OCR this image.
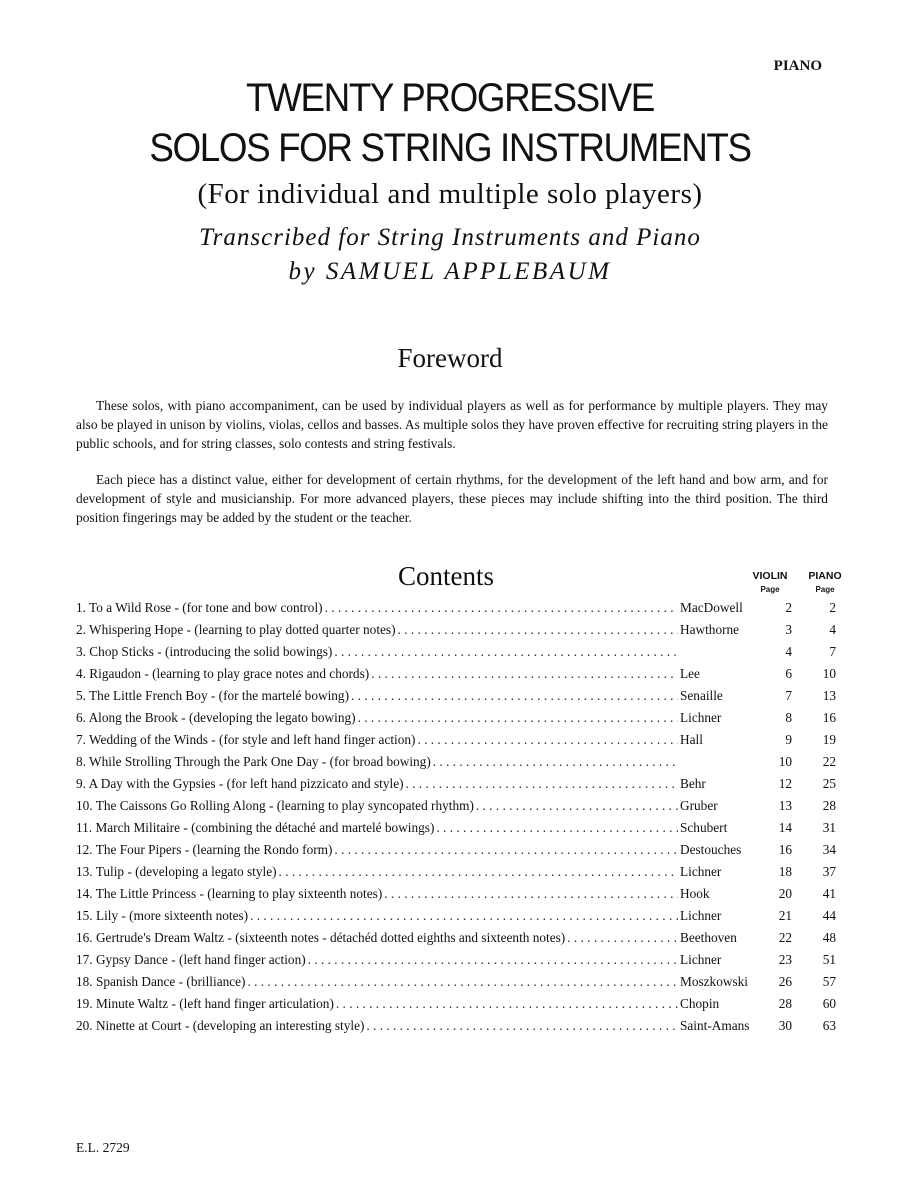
PIANO
TWENTY PROGRESSIVE
SOLOS FOR STRING INSTRUMENTS
(For individual and multiple solo players)
Transcribed for String Instruments and Piano
by SAMUEL APPLEBAUM
Foreword
These solos, with piano accompaniment, can be used by individual players as well as for performance by multiple players. They may also be played in unison by violins, violas, cellos and basses. As multiple solos they have proven effective for recruiting string players in the public schools, and for string classes, solo contests and string festivals.
Each piece has a distinct value, either for development of certain rhythms, for the development of the left hand and bow arm, and for development of style and musicianship. For more advanced players, these pieces may include shifting into the third position. The third position fingerings may be added by the student or the teacher.
Contents	VIOLIN
Page
PIANO
Page
1. To a Wild Rose - (for tone and bow control) . . .	MacDowell	2	2
2. Whispering Hope - (learning to play dotted quarter notes) . . .	Hawthorne	3	4
3. Chop Sticks - (introducing the solid bowings) . . .	4	7
4. Rigaudon - (learning to play grace notes and chords) . . .	Lee	6	10
5. The Little French Boy - (for the martelé bowing) . . .	Senaille	7	13
6. Along the Brook - (developing the legato bowing) . . .	Lichner	8	16
7. Wedding of the Winds - (for style and left hand finger action) . . .	Hall	9	19
8. While Strolling Through the Park One Day - (for broad bowing) . . .	10	22
9. A Day with the Gypsies - (for left hand pizzicato and style) . . .	Behr	12	25
10. The Caissons Go Rolling Along - (learning to play syncopated rhythm) . . .	Gruber	13	28
11. March Militaire - (combining the détaché and martelé bowings) . . .	Schubert	14	31
12. The Four Pipers - (learning the Rondo form) . . .	Destouches	16	34
13. Tulip - (developing a legato style) . . .	Lichner	18	37
14. The Little Princess - (learning to play sixteenth notes) . . .	Hook	20	41
15. Lily - (more sixteenth notes) . . .	Lichner	21	44
16. Gertrude's Dream Waltz - (sixteenth notes - détachéd dotted eighths and sixteenth notes) . . .	Beethoven	22	48
17. Gypsy Dance - (left hand finger action) . . .	Lichner	23	51
18. Spanish Dance - (brilliance) . . .	Moszkowski	26	57
19. Minute Waltz - (left hand finger articulation) . . .	Chopin	28	60
20. Ninette at Court - (developing an interesting style) . . .	Saint-Amans	30	63
E.L. 2729
